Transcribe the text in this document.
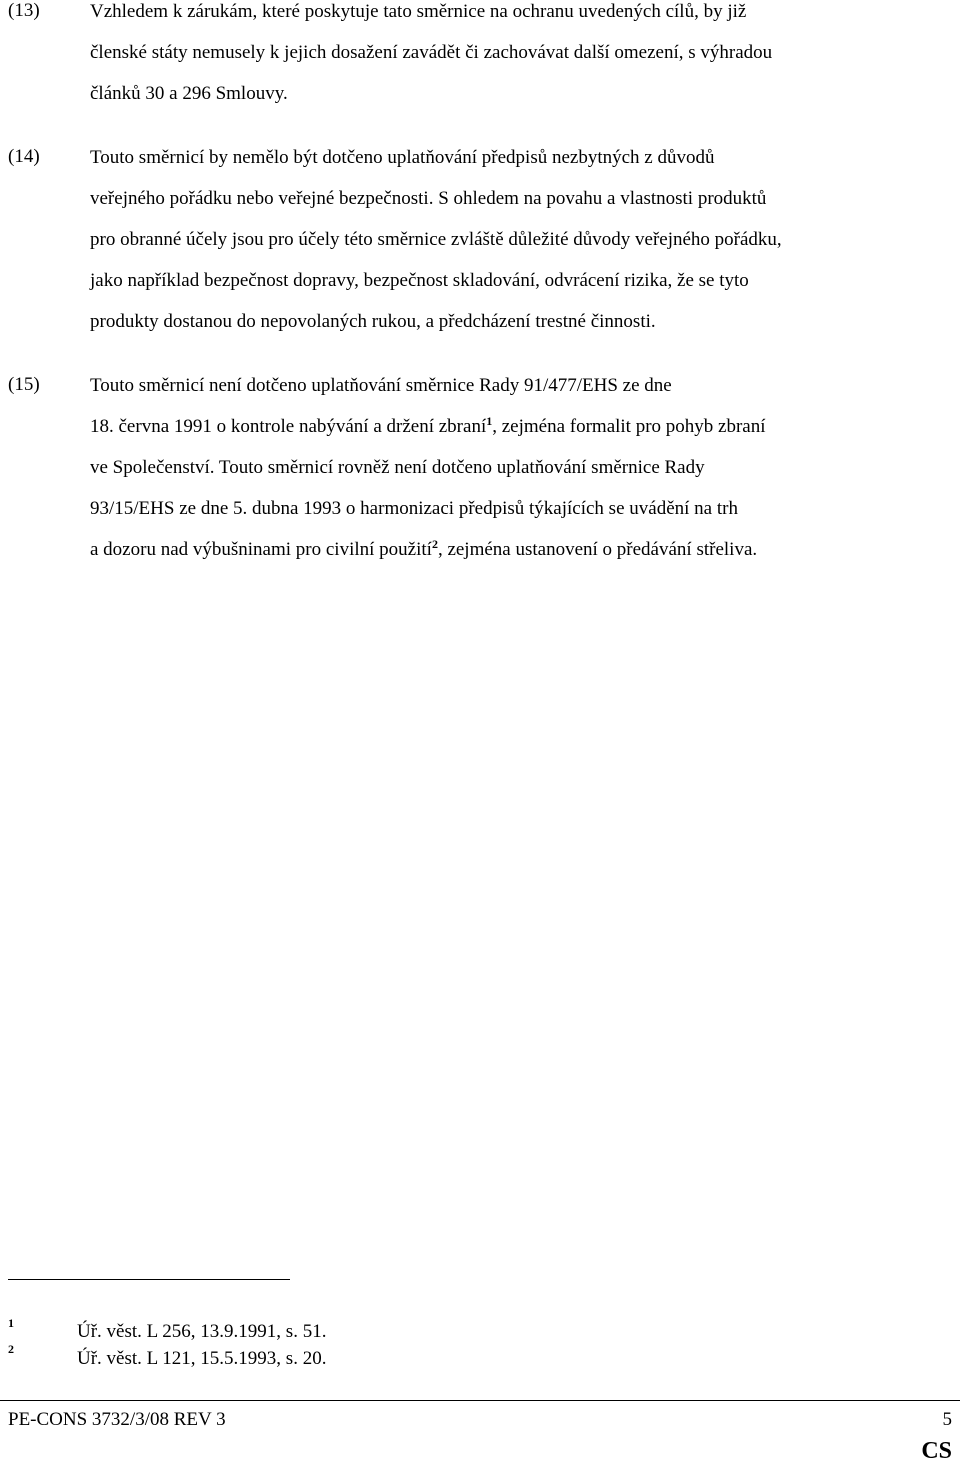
(13)	Vzhledem k zárukám, které poskytuje tato směrnice na ochranu uvedených cílů, by již
členské státy nemusely k jejich dosažení zavádět či zachovávat další omezení, s výhradou
článků 30 a 296 Smlouvy.
(14)	Touto směrnicí by nemělo být dotčeno uplatňování předpisů nezbytných z důvodů
veřejného pořádku nebo veřejné bezpečnosti. S ohledem na povahu a vlastnosti produktů
pro obranné účely jsou pro účely této směrnice zvláště důležité důvody veřejného pořádku,
jako například bezpečnost dopravy, bezpečnost skladování, odvrácení rizika, že se tyto
produkty dostanou do nepovolaných rukou, a předcházení trestné činnosti.
(15)	Touto směrnicí není dotčeno uplatňování směrnice Rady 91/477/EHS ze dne
18. června 1991 o kontrole nabývání a držení zbraní$^1$, zejména formalit pro pohyb zbraní
ve Společenství. Touto směrnicí rovněž není dotčeno uplatňování směrnice Rady
93/15/EHS ze dne 5. dubna 1993 o harmonizaci předpisů týkajících se uvádění na trh
a dozoru nad výbušninami pro civilní použití$^2$, zejména ustanovení o předávání střeliva.
1	Úř. věst. L 256, 13.9.1991, s. 51.
2	Úř. věst. L 121, 15.5.1993, s. 20.
PE-CONS 3732/3/08 REV 3	5
CS
